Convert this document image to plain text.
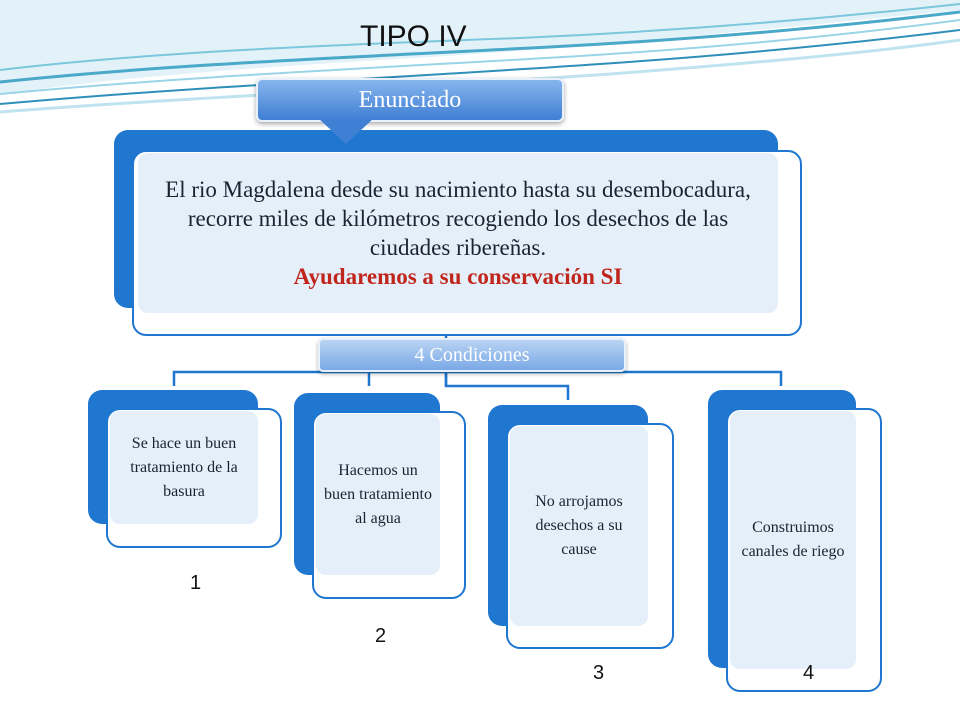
TIPO IV
El rio Magdalena desde su nacimiento hasta su desembocadura, recorre miles de kilómetros recogiendo los desechos de las ciudades ribereñas.
Ayudaremos a su conservación SI
Enunciado
4 Condiciones
Se hace un buen tratamiento de la basura
Hacemos un buen tratamiento al agua
No arrojamos desechos a su cause
Construimos canales de riego
1
2
3	4
